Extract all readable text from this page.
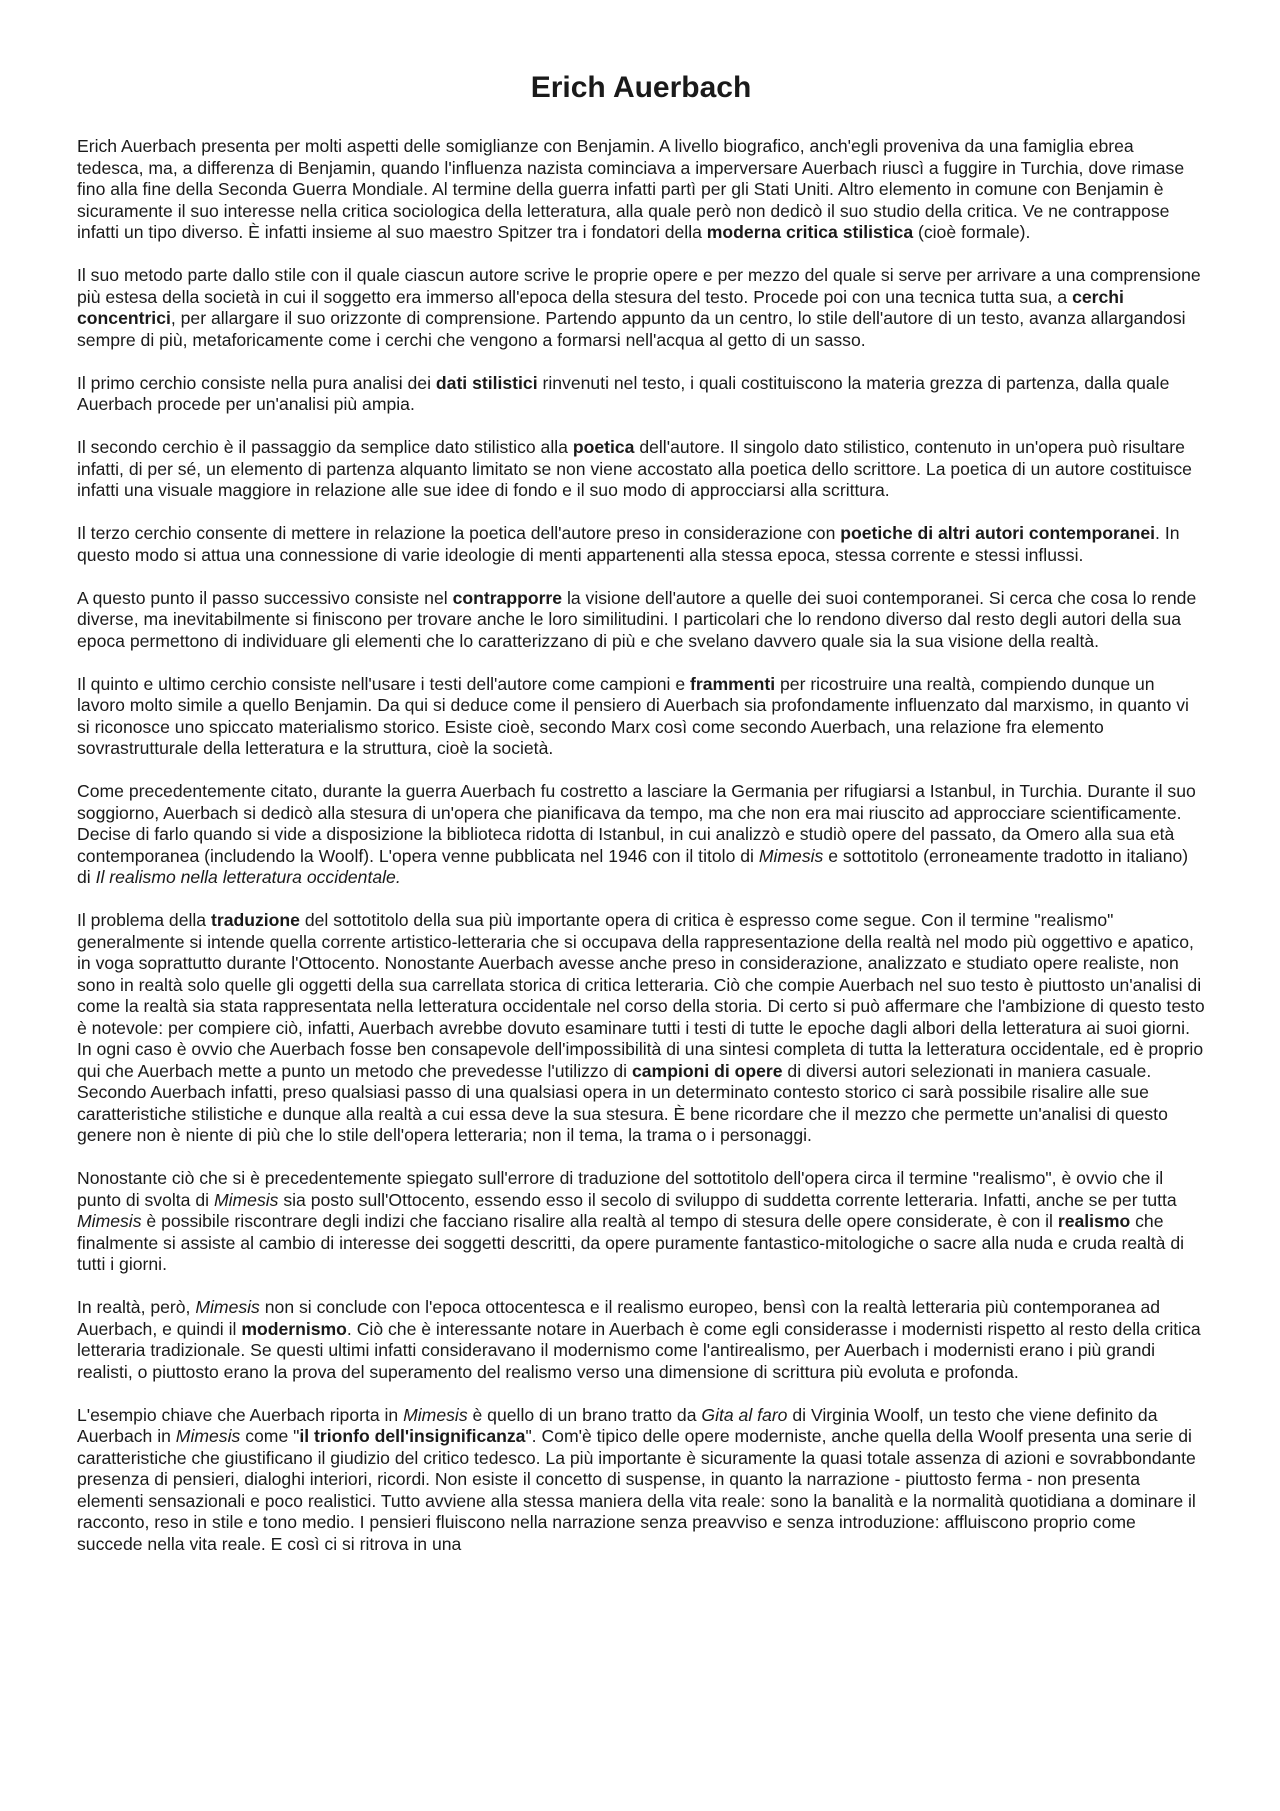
Erich Auerbach

Erich Auerbach presenta per molti aspetti delle somiglianze con Benjamin. A livello biografico, anch'egli proveniva da una famiglia ebrea tedesca, ma, a differenza di Benjamin, quando l'influenza nazista cominciava a imperversare Auerbach riuscì a fuggire in Turchia, dove rimase fino alla fine della Seconda Guerra Mondiale. Al termine della guerra infatti partì per gli Stati Uniti. Altro elemento in comune con Benjamin è sicuramente il suo interesse nella critica sociologica della letteratura, alla quale però non dedicò il suo studio della critica. Ve ne contrappose infatti un tipo diverso. È infatti insieme al suo maestro Spitzer tra i fondatori della moderna critica stilistica (cioè formale).

Il suo metodo parte dallo stile con il quale ciascun autore scrive le proprie opere e per mezzo del quale si serve per arrivare a una comprensione più estesa della società in cui il soggetto era immerso all'epoca della stesura del testo. Procede poi con una tecnica tutta sua, a cerchi concentrici, per allargare il suo orizzonte di comprensione. Partendo appunto da un centro, lo stile dell'autore di un testo, avanza allargandosi sempre di più, metaforicamente come i cerchi che vengono a formarsi nell'acqua al getto di un sasso.

Il primo cerchio consiste nella pura analisi dei dati stilistici rinvenuti nel testo, i quali costituiscono la materia grezza di partenza, dalla quale Auerbach procede per un'analisi più ampia.

Il secondo cerchio è il passaggio da semplice dato stilistico alla poetica dell'autore. Il singolo dato stilistico, contenuto in un'opera può risultare infatti, di per sé, un elemento di partenza alquanto limitato se non viene accostato alla poetica dello scrittore. La poetica di un autore costituisce infatti una visuale maggiore in relazione alle sue idee di fondo e il suo modo di approcciarsi alla scrittura.

Il terzo cerchio consente di mettere in relazione la poetica dell'autore preso in considerazione con poetiche di altri autori contemporanei. In questo modo si attua una connessione di varie ideologie di menti appartenenti alla stessa epoca, stessa corrente e stessi influssi.

A questo punto il passo successivo consiste nel contrapporre la visione dell'autore a quelle dei suoi contemporanei. Si cerca che cosa lo rende diverse, ma inevitabilmente si finiscono per trovare anche le loro similitudini. I particolari che lo rendono diverso dal resto degli autori della sua epoca permettono di individuare gli elementi che lo caratterizzano di più e che svelano davvero quale sia la sua visione della realtà.

Il quinto e ultimo cerchio consiste nell'usare i testi dell'autore come campioni e frammenti per ricostruire una realtà, compiendo dunque un lavoro molto simile a quello Benjamin. Da qui si deduce come il pensiero di Auerbach sia profondamente influenzato dal marxismo, in quanto vi si riconosce uno spiccato materialismo storico. Esiste cioè, secondo Marx così come secondo Auerbach, una relazione fra elemento sovrastrutturale della letteratura e la struttura, cioè la società.

Come precedentemente citato, durante la guerra Auerbach fu costretto a lasciare la Germania per rifugiarsi a Istanbul, in Turchia. Durante il suo soggiorno, Auerbach si dedicò alla stesura di un'opera che pianificava da tempo, ma che non era mai riuscito ad approcciare scientificamente. Decise di farlo quando si vide a disposizione la biblioteca ridotta di Istanbul, in cui analizzò e studiò opere del passato, da Omero alla sua età contemporanea (includendo la Woolf). L'opera venne pubblicata nel 1946 con il titolo di Mimesis e sottotitolo (erroneamente tradotto in italiano) di Il realismo nella letteratura occidentale.

Il problema della traduzione del sottotitolo della sua più importante opera di critica è espresso come segue. Con il termine "realismo" generalmente si intende quella corrente artistico-letteraria che si occupava della rappresentazione della realtà nel modo più oggettivo e apatico, in voga soprattutto durante l'Ottocento. Nonostante Auerbach avesse anche preso in considerazione, analizzato e studiato opere realiste, non sono in realtà solo quelle gli oggetti della sua carrellata storica di critica letteraria. Ciò che compie Auerbach nel suo testo è piuttosto un'analisi di come la realtà sia stata rappresentata nella letteratura occidentale nel corso della storia. Di certo si può affermare che l'ambizione di questo testo è notevole: per compiere ciò, infatti, Auerbach avrebbe dovuto esaminare tutti i testi di tutte le epoche dagli albori della letteratura ai suoi giorni. In ogni caso è ovvio che Auerbach fosse ben consapevole dell'impossibilità di una sintesi completa di tutta la letteratura occidentale, ed è proprio qui che Auerbach mette a punto un metodo che prevedesse l'utilizzo di campioni di opere di diversi autori selezionati in maniera casuale. Secondo Auerbach infatti, preso qualsiasi passo di una qualsiasi opera in un determinato contesto storico ci sarà possibile risalire alle sue caratteristiche stilistiche e dunque alla realtà a cui essa deve la sua stesura. È bene ricordare che il mezzo che permette un'analisi di questo genere non è niente di più che lo stile dell'opera letteraria; non il tema, la trama o i personaggi.

Nonostante ciò che si è precedentemente spiegato sull'errore di traduzione del sottotitolo dell'opera circa il termine "realismo", è ovvio che il punto di svolta di Mimesis sia posto sull'Ottocento, essendo esso il secolo di sviluppo di suddetta corrente letteraria. Infatti, anche se per tutta Mimesis è possibile riscontrare degli indizi che facciano risalire alla realtà al tempo di stesura delle opere considerate, è con il realismo che finalmente si assiste al cambio di interesse dei soggetti descritti, da opere puramente fantastico-mitologiche o sacre alla nuda e cruda realtà di tutti i giorni.

In realtà, però, Mimesis non si conclude con l'epoca ottocentesca e il realismo europeo, bensì con la realtà letteraria più contemporanea ad Auerbach, e quindi il modernismo. Ciò che è interessante notare in Auerbach è come egli considerasse i modernisti rispetto al resto della critica letteraria tradizionale. Se questi ultimi infatti consideravano il modernismo come l'antirealismo, per Auerbach i modernisti erano i più grandi realisti, o piuttosto erano la prova del superamento del realismo verso una dimensione di scrittura più evoluta e profonda.

L'esempio chiave che Auerbach riporta in Mimesis è quello di un brano tratto da Gita al faro di Virginia Woolf, un testo che viene definito da Auerbach in Mimesis come "il trionfo dell'insignificanza". Com'è tipico delle opere moderniste, anche quella della Woolf presenta una serie di caratteristiche che giustificano il giudizio del critico tedesco. La più importante è sicuramente la quasi totale assenza di azioni e sovrabbondante presenza di pensieri, dialoghi interiori, ricordi. Non esiste il concetto di suspense, in quanto la narrazione - piuttosto ferma - non presenta elementi sensazionali e poco realistici. Tutto avviene alla stessa maniera della vita reale: sono la banalità e la normalità quotidiana a dominare il racconto, reso in stile e tono medio. I pensieri fluiscono nella narrazione senza preavviso e senza introduzione: affluiscono proprio come succede nella vita reale. E così ci si ritrova in una
